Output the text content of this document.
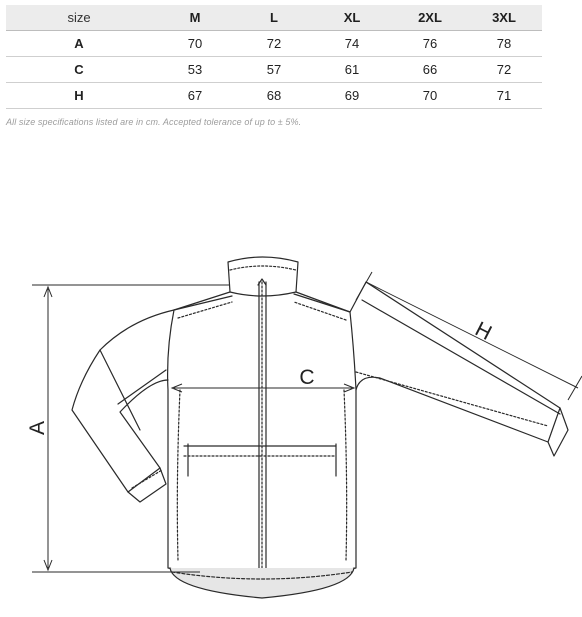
size	M	L	XL	2XL	3XL
A	70	72	74	76	78
C	53	57	61	66	72
H	67	68	69	70	71
All size specifications listed are in cm. Accepted tolerance of up to ± 5%.
A
C
H
